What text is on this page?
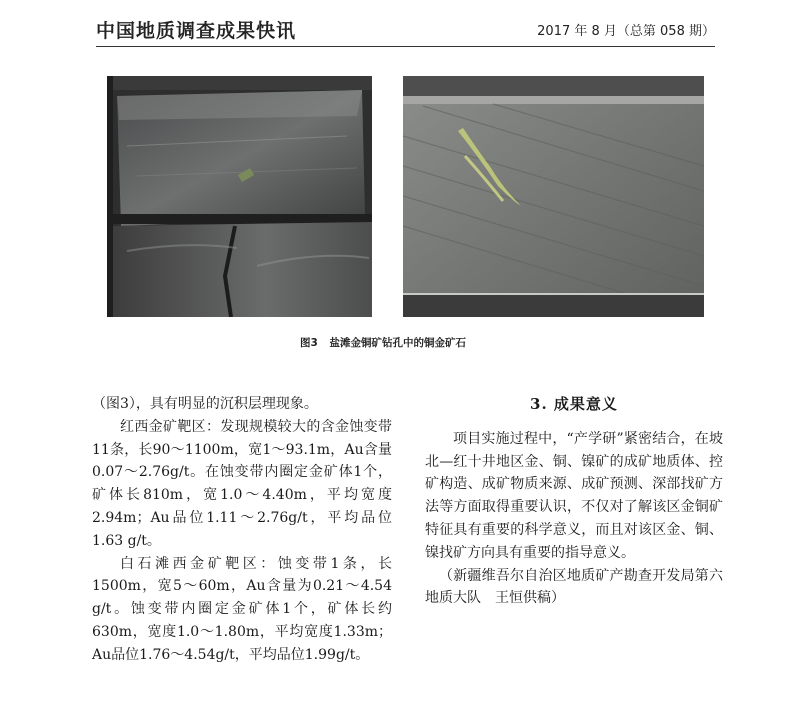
中国地质调查成果快讯	2017 年 8 月（总第 058 期）
图3 盐滩金铜矿钻孔中的铜金矿石

（图3），具有明显的沉积层理现象。

红西金矿靶区：发现规模较大的含金蚀变带11条，长90～1100m，宽1～93.1m，Au含量0.07～2.76g/t。在蚀变带内圈定金矿体1个，矿体长810m，宽1.0～4.40m，平均宽度2.94m；Au品位1.11～2.76g/t，平均品位1.63 g/t。

白石滩西金矿靶区：蚀变带1条，长1500m，宽5～60m，Au含量为0.21～4.54 g/t。蚀变带内圈定金矿体1个，矿体长约630m，宽度1.0～1.80m，平均宽度1.33m；Au品位1.76～4.54g/t，平均品位1.99g/t。

3. 成果意义

项目实施过程中，“产学研”紧密结合，在坡北—红十井地区金、铜、镍矿的成矿地质体、控矿构造、成矿物质来源、成矿预测、深部找矿方法等方面取得重要认识，不仅对了解该区金铜矿特征具有重要的科学意义，而且对该区金、铜、镍找矿方向具有重要的指导意义。

（新疆维吾尔自治区地质矿产勘查开发局第六地质大队　王恒供稿）
